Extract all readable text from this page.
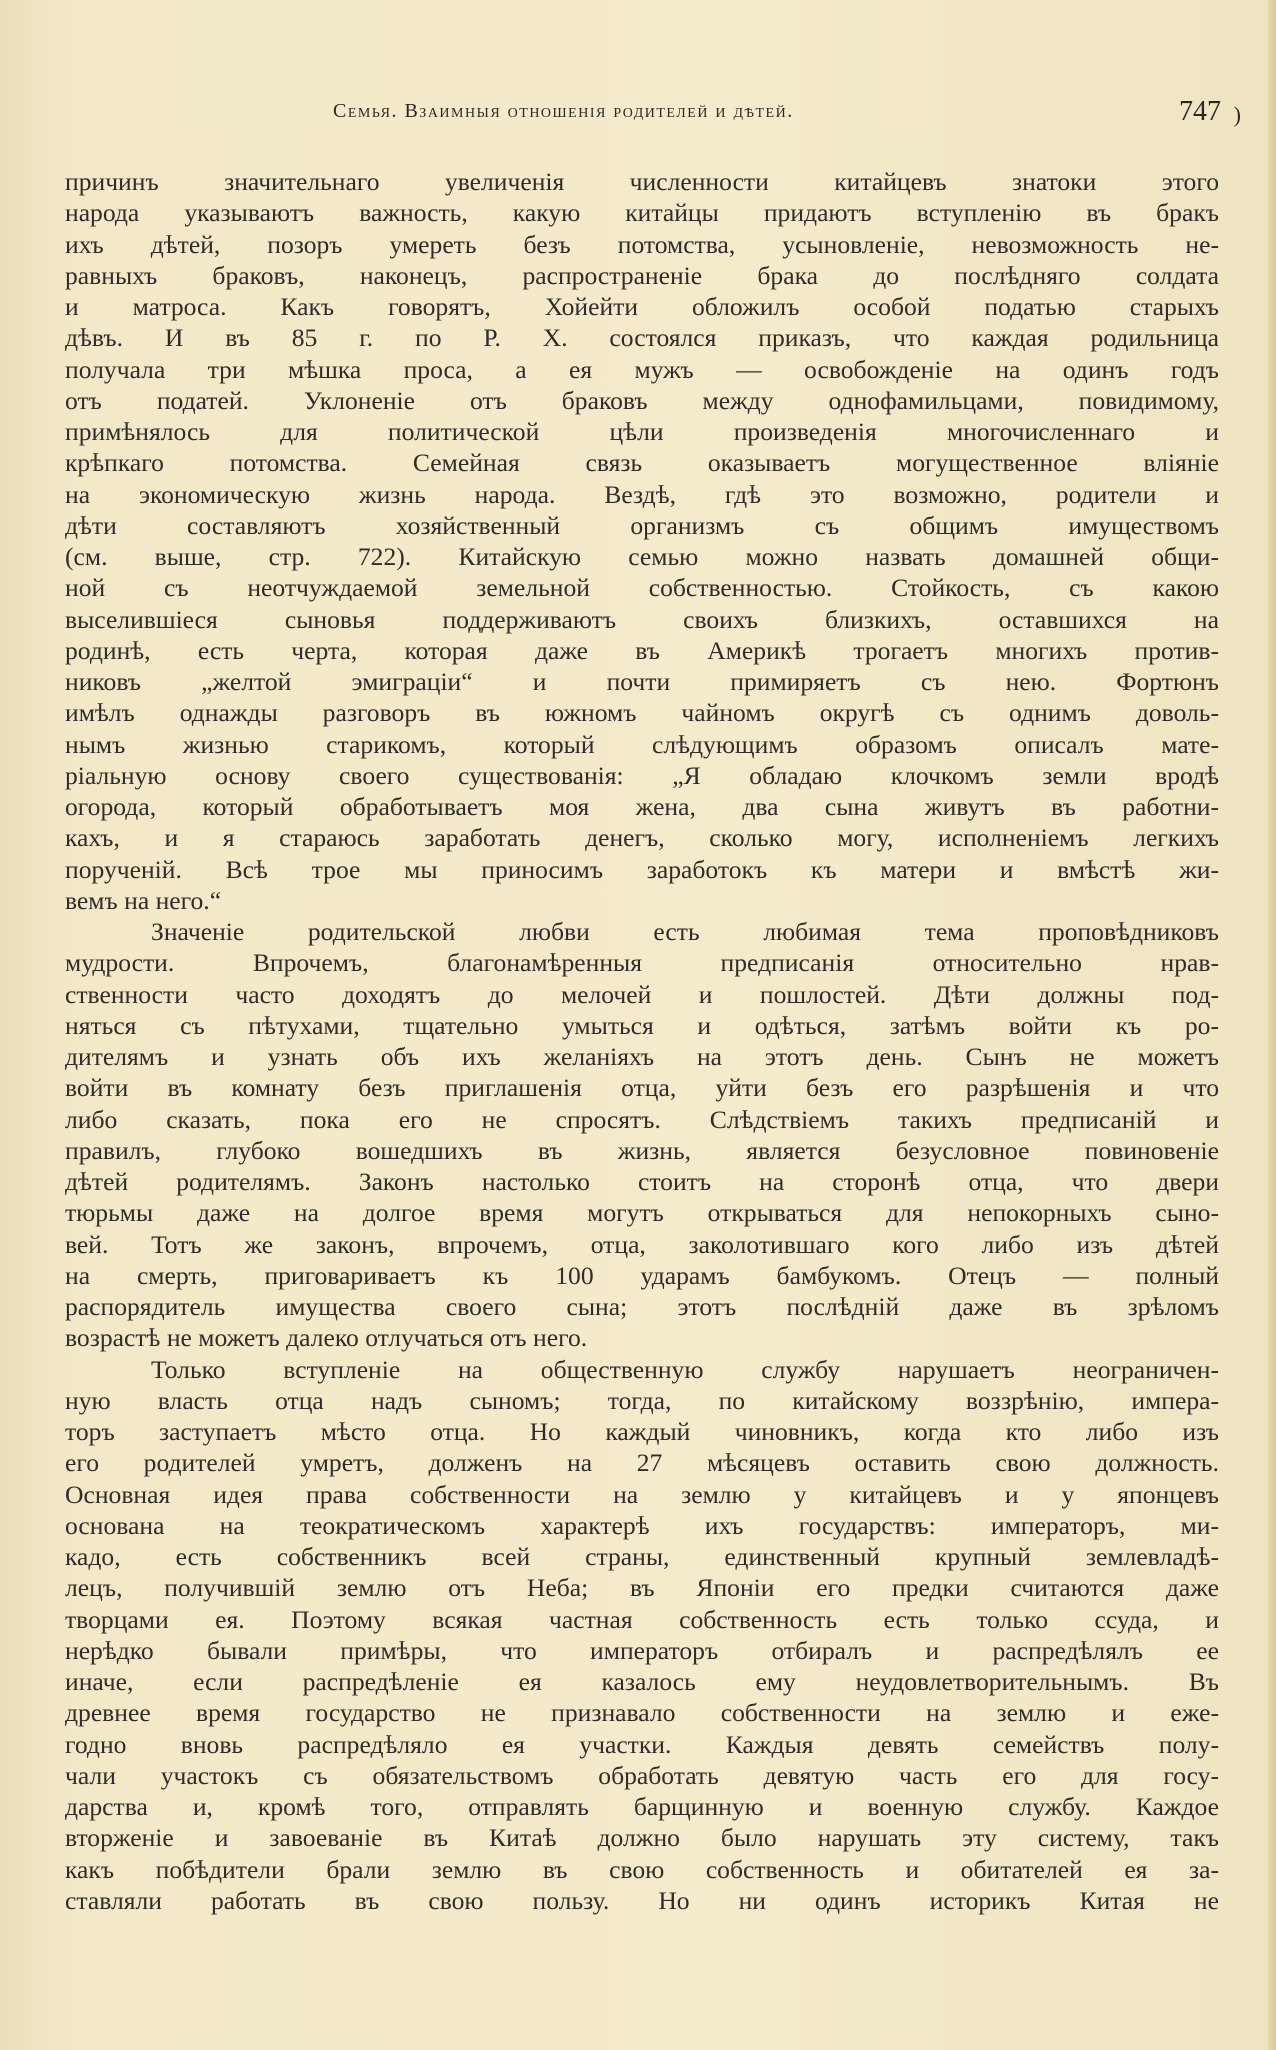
Семья. Взаимныя отношенія родителей и дѣтей.	747 )
причинъ значительнаго увеличенія численности китайцевъ знатоки этого
народа указываютъ важность, какую китайцы придаютъ вступленію въ бракъ
ихъ дѣтей, позоръ умереть безъ потомства, усыновленіе, невозможность не-
равныхъ браковъ, наконецъ, распространеніе брака до послѣдняго солдата
и матроса. Какъ говорятъ, Хойейти обложилъ особой податью старыхъ
дѣвъ. И въ 85 г. по Р. Х. состоялся приказъ, что каждая родильница
получала три мѣшка проса, а ея мужъ — освобожденіе на одинъ годъ
отъ податей. Уклоненіе отъ браковъ между однофамильцами, повидимому,
примѣнялось для политической цѣли произведенія многочисленнаго и
крѣпкаго потомства. Семейная связь оказываетъ могущественное вліяніе
на экономическую жизнь народа. Вездѣ, гдѣ это возможно, родители и
дѣти составляютъ хозяйственный организмъ съ общимъ имуществомъ
(см. выше, стр. 722). Китайскую семью можно назвать домашней общи-
ной съ неотчуждаемой земельной собственностью. Стойкость, съ какою
выселившіеся сыновья поддерживаютъ своихъ близкихъ, оставшихся на
родинѣ, есть черта, которая даже въ Америкѣ трогаетъ многихъ против-
никовъ „желтой эмиграціи“ и почти примиряетъ съ нею. Фортюнъ
имѣлъ однажды разговоръ въ южномъ чайномъ округѣ съ однимъ доволь-
нымъ жизнью старикомъ, который слѣдующимъ образомъ описалъ мате-
ріальную основу своего существованія: „Я обладаю клочкомъ земли вродѣ
огорода, который обработываетъ моя жена, два сына живутъ въ работни-
кахъ, и я стараюсь заработать денегъ, сколько могу, исполненіемъ легкихъ
порученій. Всѣ трое мы приносимъ заработокъ къ матери и вмѣстѣ жи-
вемъ на него.“
Значеніе родительской любви есть любимая тема проповѣдниковъ
мудрости. Впрочемъ, благонамѣренныя предписанія относительно нрав-
ственности часто доходятъ до мелочей и пошлостей. Дѣти должны под-
няться съ пѣтухами, тщательно умыться и одѣться, затѣмъ войти къ ро-
дителямъ и узнать объ ихъ желаніяхъ на этотъ день. Сынъ не можетъ
войти въ комнату безъ приглашенія отца, уйти безъ его разрѣшенія и что
либо сказать, пока его не спросятъ. Слѣдствіемъ такихъ предписаній и
правилъ, глубоко вошедшихъ въ жизнь, является безусловное повиновеніе
дѣтей родителямъ. Законъ настолько стоитъ на сторонѣ отца, что двери
тюрьмы даже на долгое время могутъ открываться для непокорныхъ сыно-
вей. Тотъ же законъ, впрочемъ, отца, заколотившаго кого либо изъ дѣтей
на смерть, приговариваетъ къ 100 ударамъ бамбукомъ. Отецъ — полный
распорядитель имущества своего сына; этотъ послѣдній даже въ зрѣломъ
возрастѣ не можетъ далеко отлучаться отъ него.
Только вступленіе на общественную службу нарушаетъ неограничен-
ную власть отца надъ сыномъ; тогда, по китайскому воззрѣнію, импера-
торъ заступаетъ мѣсто отца. Но каждый чиновникъ, когда кто либо изъ
его родителей умретъ, долженъ на 27 мѣсяцевъ оставить свою должность.
Основная идея права собственности на землю у китайцевъ и у японцевъ
основана на теократическомъ характерѣ ихъ государствъ: императоръ, ми-
кадо, есть собственникъ всей страны, единственный крупный землевладѣ-
лецъ, получившій землю отъ Неба; въ Японіи его предки считаются даже
творцами ея. Поэтому всякая частная собственность есть только ссуда, и
нерѣдко бывали примѣры, что императоръ отбиралъ и распредѣлялъ ее
иначе, если распредѣленіе ея казалось ему неудовлетворительнымъ. Въ
древнее время государство не признавало собственности на землю и еже-
годно вновь распредѣляло ея участки. Каждыя девять семействъ полу-
чали участокъ съ обязательствомъ обработать девятую часть его для госу-
дарства и, кромѣ того, отправлять барщинную и военную службу. Каждое
вторженіе и завоеваніе въ Китаѣ должно было нарушать эту систему, такъ
какъ побѣдители брали землю въ свою собственность и обитателей ея за-
ставляли работать въ свою пользу. Но ни одинъ историкъ Китая не
